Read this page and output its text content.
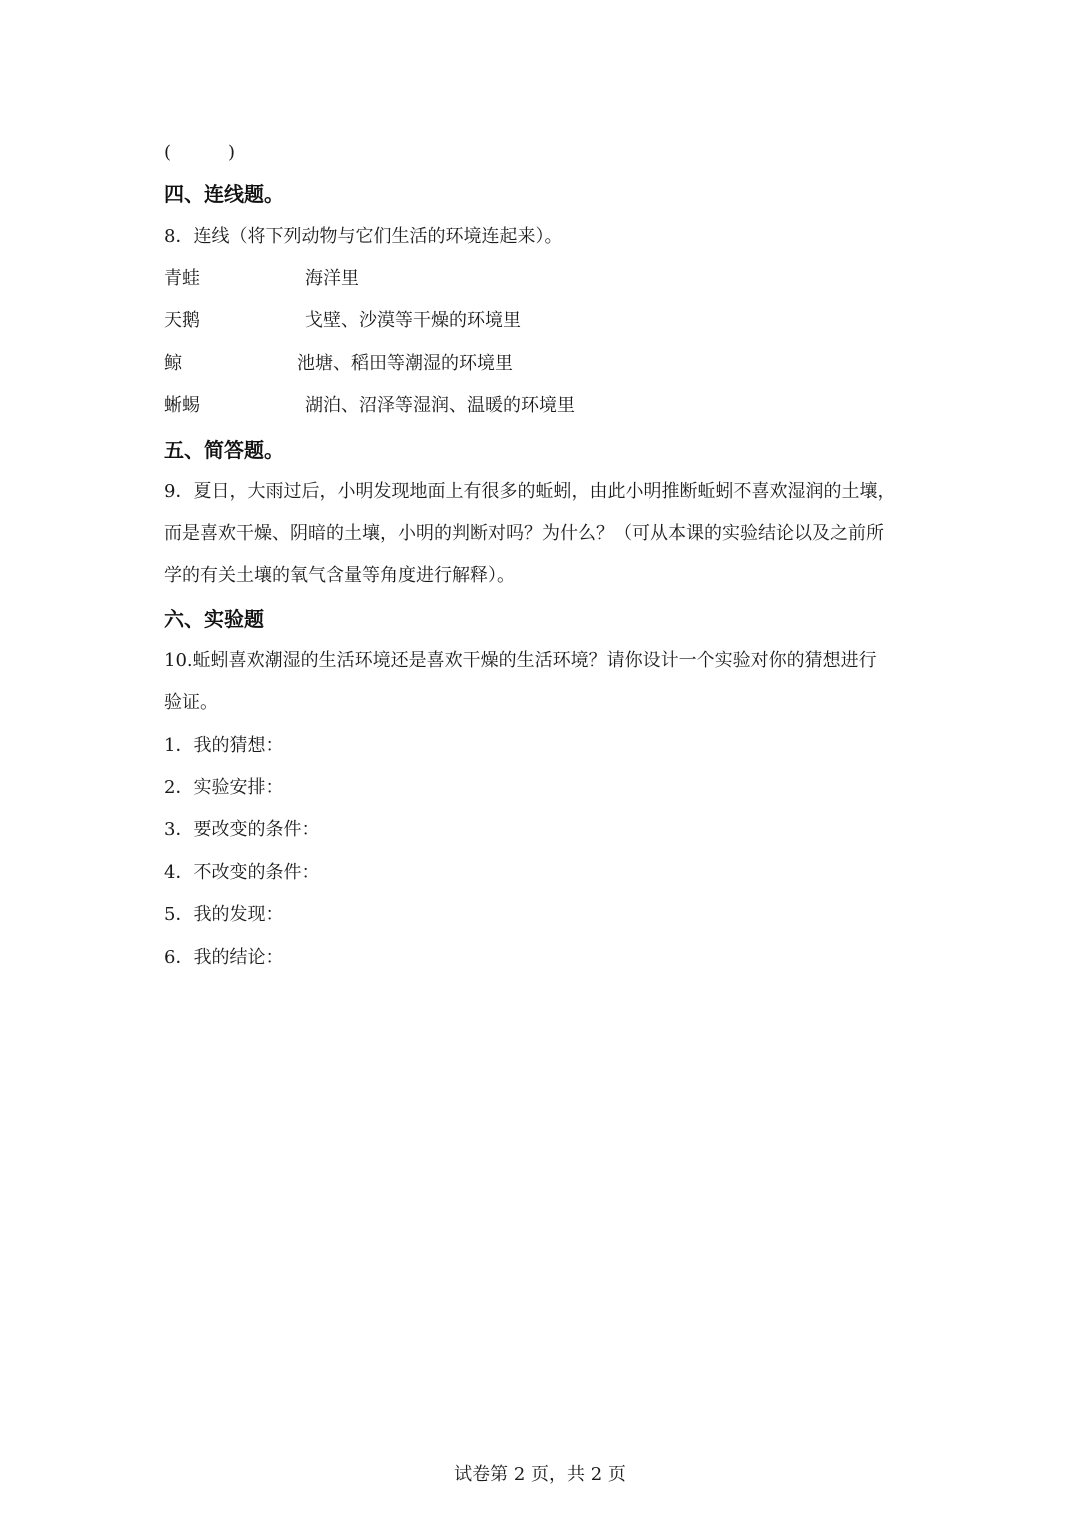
(	)
四、连线题。
8．连线（将下列动物与它们生活的环境连起来）。
青蛙	海洋里
天鹅	戈壁、沙漠等干燥的环境里
鲸	池塘、稻田等潮湿的环境里
蜥蜴	湖泊、沼泽等湿润、温暖的环境里
五、简答题。
9．夏日，大雨过后，小明发现地面上有很多的蚯蚓，由此小明推断蚯蚓不喜欢湿润的土壤，
而是喜欢干燥、阴暗的土壤，小明的判断对吗？为什么？（可从本课的实验结论以及之前所
学的有关土壤的氧气含量等角度进行解释）。
六、实验题
10.蚯蚓喜欢潮湿的生活环境还是喜欢干燥的生活环境？请你设计一个实验对你的猜想进行
验证。
1．我的猜想：
2．实验安排：
3．要改变的条件：
4．不改变的条件：
5．我的发现：
6．我的结论：
试卷第 2 页，共 2 页
